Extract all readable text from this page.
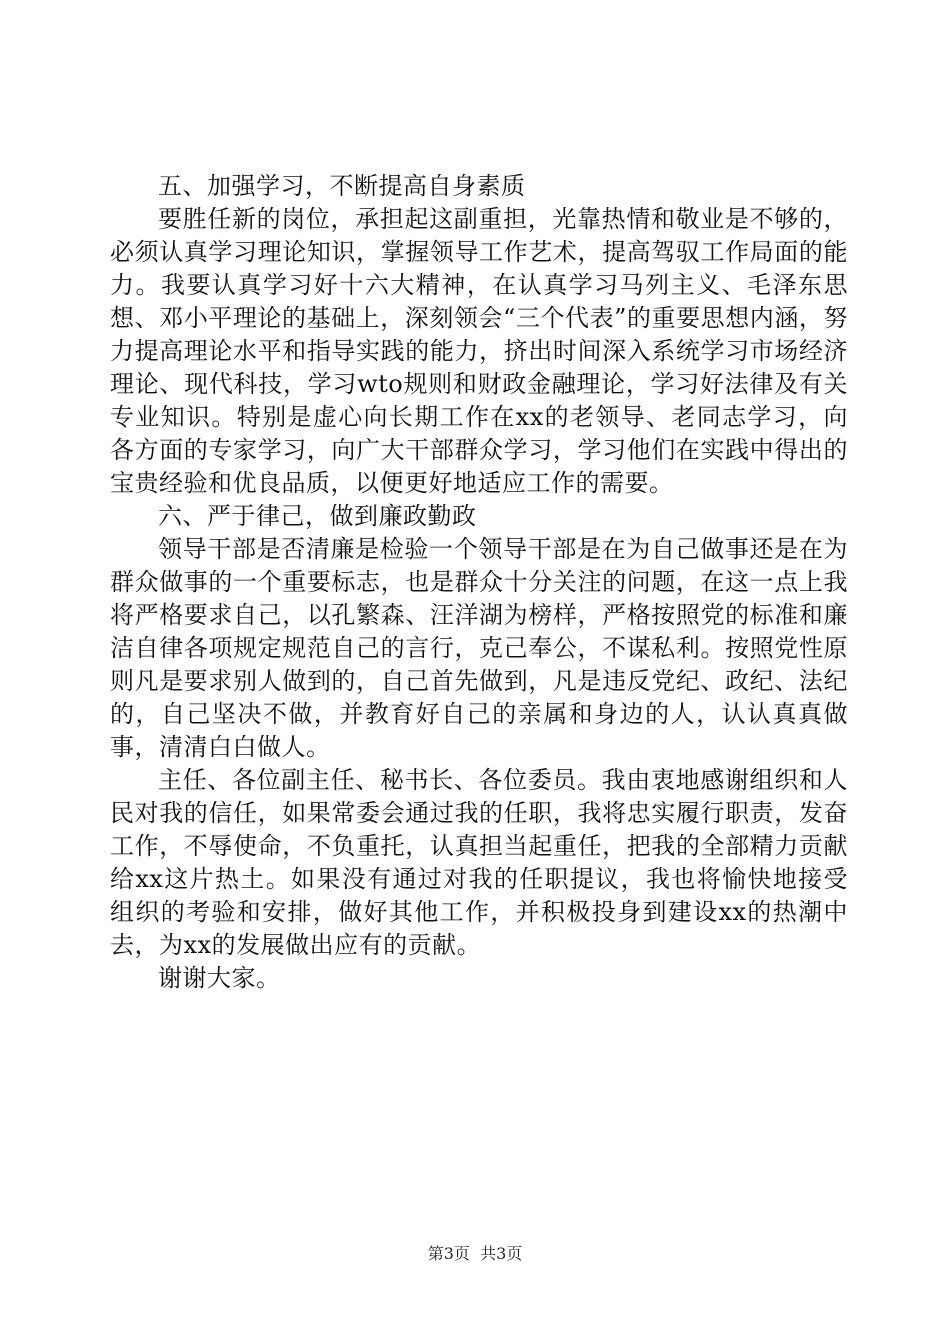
五、加强学习，不断提高自身素质

要胜任新的岗位，承担起这副重担，光靠热情和敬业是不够的，必须认真学习理论知识，掌握领导工作艺术，提高驾驭工作局面的能力。我要认真学习好十六大精神，在认真学习马列主义、毛泽东思想、邓小平理论的基础上，深刻领会“三个代表”的重要思想内涵，努力提高理论水平和指导实践的能力，挤出时间深入系统学习市场经济理论、现代科技，学习wto规则和财政金融理论，学习好法律及有关专业知识。特别是虚心向长期工作在xx的老领导、老同志学习，向各方面的专家学习，向广大干部群众学习，学习他们在实践中得出的宝贵经验和优良品质，以便更好地适应工作的需要。

六、严于律己，做到廉政勤政

领导干部是否清廉是检验一个领导干部是在为自己做事还是在为群众做事的一个重要标志，也是群众十分关注的问题，在这一点上我将严格要求自己，以孔繁森、汪洋湖为榜样，严格按照党的标准和廉洁自律各项规定规范自己的言行，克己奉公，不谋私利。按照党性原则凡是要求别人做到的，自己首先做到，凡是违反党纪、政纪、法纪的，自己坚决不做，并教育好自己的亲属和身边的人，认认真真做事，清清白白做人。

主任、各位副主任、秘书长、各位委员。我由衷地感谢组织和人民对我的信任，如果常委会通过我的任职，我将忠实履行职责，发奋工作，不辱使命，不负重托，认真担当起重任，把我的全部精力贡献给xx这片热土。如果没有通过对我的任职提议，我也将愉快地接受组织的考验和安排，做好其他工作，并积极投身到建设xx的热潮中去，为xx的发展做出应有的贡献。

谢谢大家。

第3页 共3页
